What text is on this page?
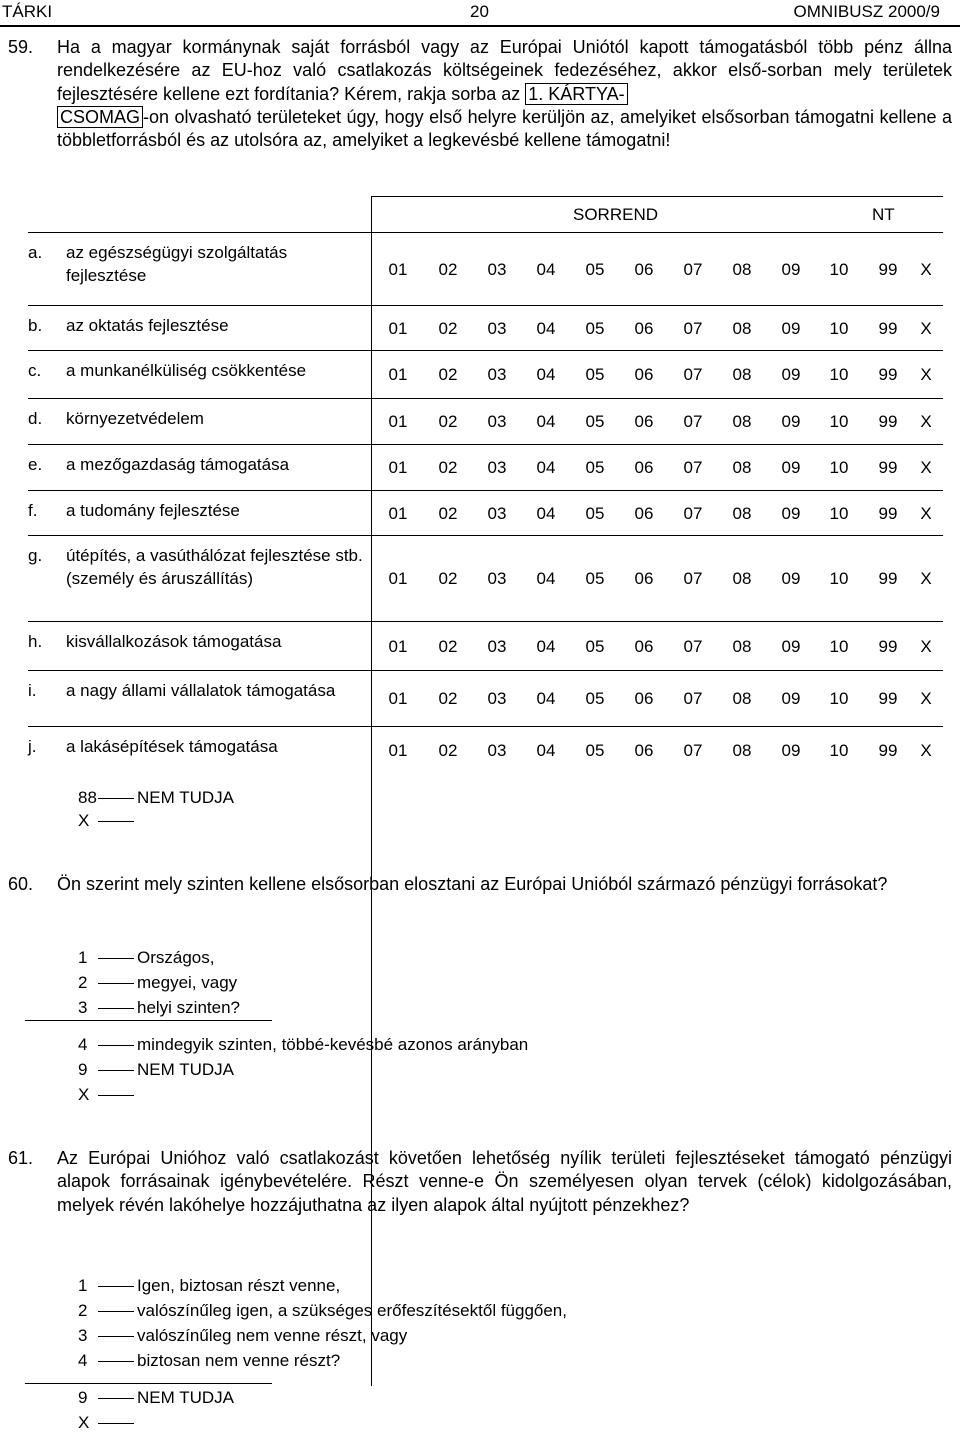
TÁRKI	20	OMNIBUSZ 2000/9
59. Ha a magyar kormánynak saját forrásból vagy az Európai Uniótól kapott támogatásból több pénz állna rendelkezésére az EU-hoz való csatlakozás költségeinek fedezéséhez, akkor első-sorban mely területek fejlesztésére kellene ezt fordítania? Kérem, rakja sorba az 1. KÁRTYA-
CSOMAG -on olvasható területeket úgy, hogy első helyre kerüljön az, amelyiket elsősorban támogatni kellene a többletforrásból és az utolsóra az, amelyiket a legkevésbé kellene támogatni!
SORREND	NT
a. az egészségügyi szolgáltatás fejlesztése	01 02 03 04 05 06 07 08 09 10 99 X
b. az oktatás fejlesztése	01 02 03 04 05 06 07 08 09 10 99 X
c. a munkanélküliség csökkentése	01 02 03 04 05 06 07 08 09 10 99 X
d. környezetvédelem	01 02 03 04 05 06 07 08 09 10 99 X
e. a mezőgazdaság támogatása	01 02 03 04 05 06 07 08 09 10 99 X
f. a tudomány fejlesztése	01 02 03 04 05 06 07 08 09 10 99 X
g. útépítés, a vasúthálózat fejlesztése stb. (személy és áruszállítás)	01 02 03 04 05 06 07 08 09 10 99 X
h. kisvállalkozások támogatása	01 02 03 04 05 06 07 08 09 10 99 X
i. a nagy állami vállalatok támogatása	01 02 03 04 05 06 07 08 09 10 99 X
j. a lakásépítések támogatása	01 02 03 04 05 06 07 08 09 10 99 X
88 NEM TUDJA
X
60. Ön szerint mely szinten kellene elsősorban elosztani az Európai Unióból származó pénzügyi forrásokat?
1	Országos,
2	megyei, vagy
3	helyi szinten?
4	mindegyik szinten, többé-kevésbé azonos arányban
9	NEM TUDJA
X
61. Az Európai Unióhoz való csatlakozást követően lehetőség nyílik területi fejlesztéseket támogató pénzügyi alapok forrásainak igénybevételére. Részt venne-e Ön személyesen olyan tervek (célok) kidolgozásában, melyek révén lakóhelye hozzájuthatna az ilyen alapok által nyújtott pénzekhez?
1	Igen, biztosan részt venne,
2	valószínűleg igen, a szükséges erőfeszítésektől függően,
3	valószínűleg nem venne részt, vagy
4	biztosan nem venne részt?
9	NEM TUDJA
X
